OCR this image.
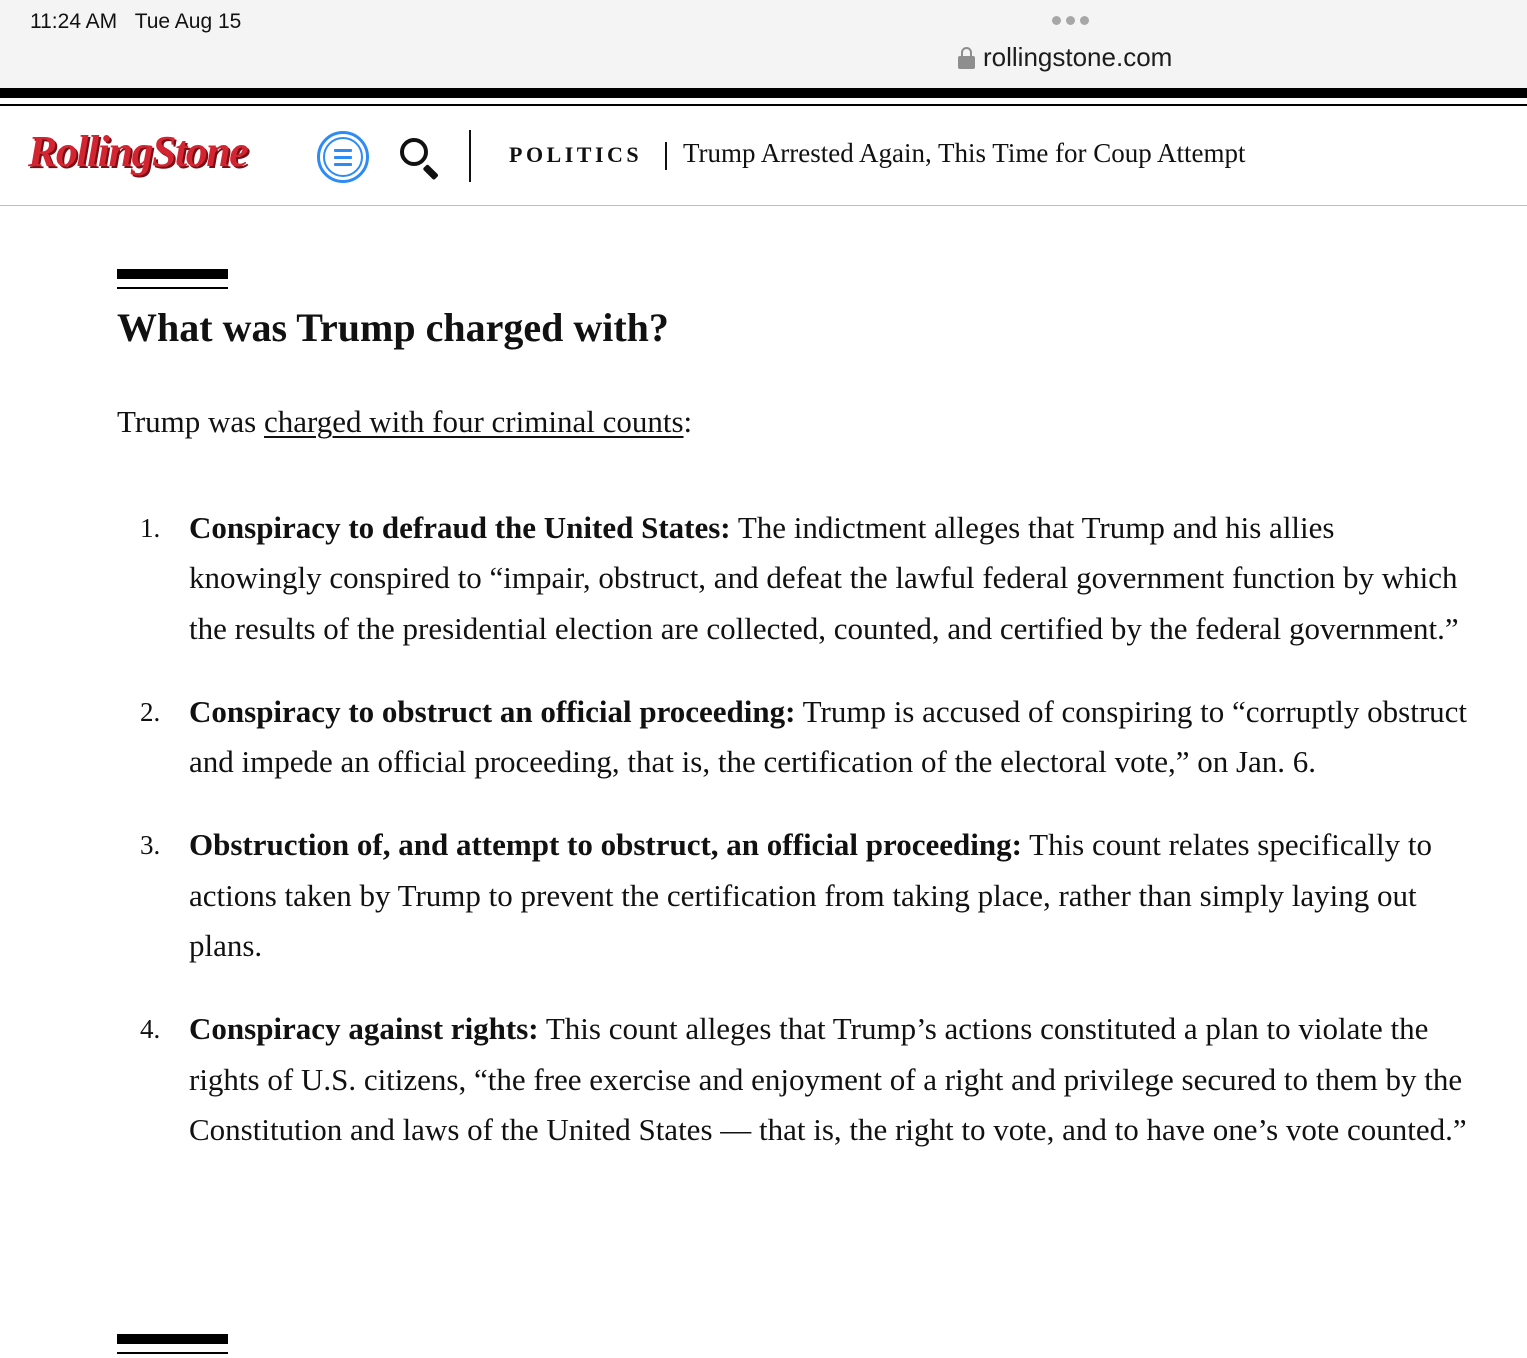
11:24 AM Tue Aug 15
rollingstone.com
RollingStone	POLITICS Trump Arrested Again, This Time for Coup Attempt
What was Trump charged with?

Trump was charged with four criminal counts:

1. Conspiracy to defraud the United States: The indictment alleges that Trump and his allies knowingly conspired to “impair, obstruct, and defeat the lawful federal government function by which the results of the presidential election are collected, counted, and certified by the federal government.”
2. Conspiracy to obstruct an official proceeding: Trump is accused of conspiring to “corruptly obstruct and impede an official proceeding, that is, the certification of the electoral vote,” on Jan. 6.
3. Obstruction of, and attempt to obstruct, an official proceeding: This count relates specifically to actions taken by Trump to prevent the certification from taking place, rather than simply laying out plans.
4. Conspiracy against rights: This count alleges that Trump’s actions constituted a plan to violate the rights of U.S. citizens, “the free exercise and enjoyment of a right and privilege secured to them by the Constitution and laws of the United States — that is, the right to vote, and to have one’s vote counted.”
